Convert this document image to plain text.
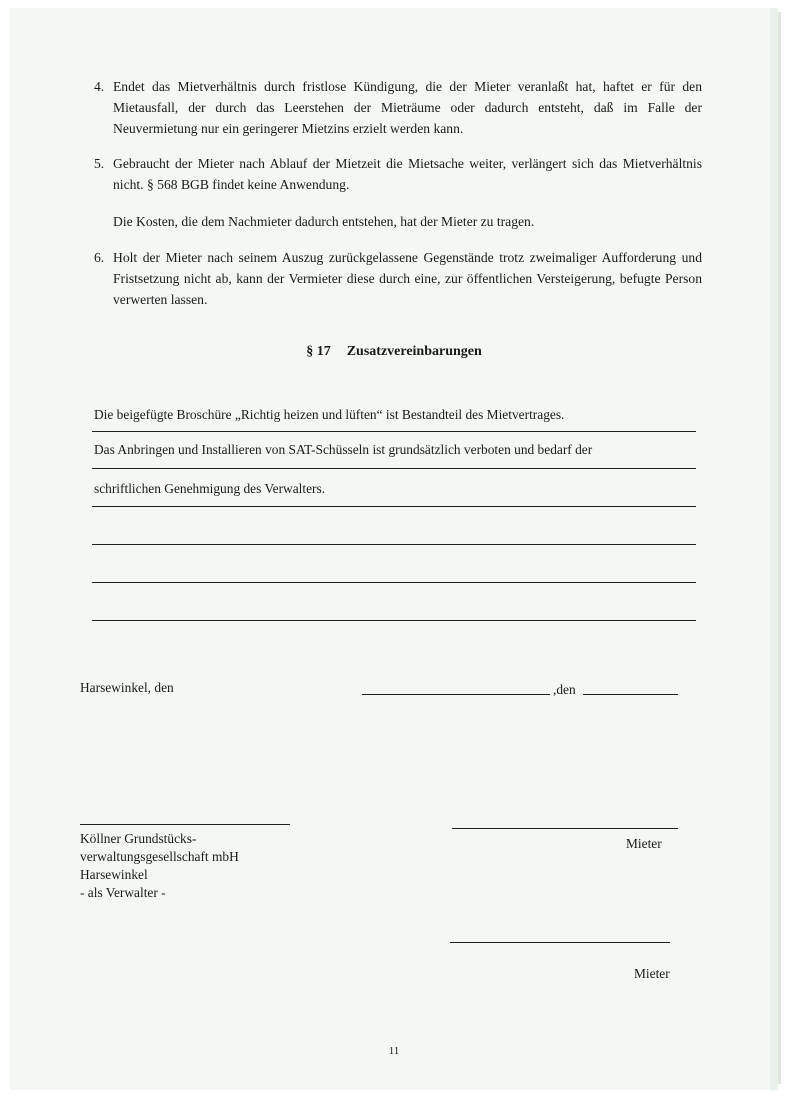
4. Endet das Mietverhältnis durch fristlose Kündigung, die der Mieter veranlaßt hat, haftet er für den Mietausfall, der durch das Leerstehen der Mieträume oder dadurch entsteht, daß im Falle der Neuvermietung nur ein geringerer Mietzins erzielt werden kann.
5. Gebraucht der Mieter nach Ablauf der Mietzeit die Mietsache weiter, verlängert sich das Mietverhältnis nicht. § 568 BGB findet keine Anwendung.
Die Kosten, die dem Nachmieter dadurch entstehen, hat der Mieter zu tragen.
6. Holt der Mieter nach seinem Auszug zurückgelassene Gegenstände trotz zweimaliger Aufforderung und Fristsetzung nicht ab, kann der Vermieter diese durch eine, zur öffentlichen Versteigerung, befugte Person verwerten lassen.
§ 17 Zusatzvereinbarungen
Die beigefügte Broschüre „Richtig heizen und lüften“ ist Bestandteil des Mietvertrages.
Das Anbringen und Installieren von SAT-Schüsseln ist grundsätzlich verboten und bedarf der
schriftlichen Genehmigung des Verwalters.
Harsewinkel, den	,den
Köllner Grundstücks-
verwaltungsgesellschaft mbH
Harsewinkel
- als Verwalter -
Mieter
Mieter
11
